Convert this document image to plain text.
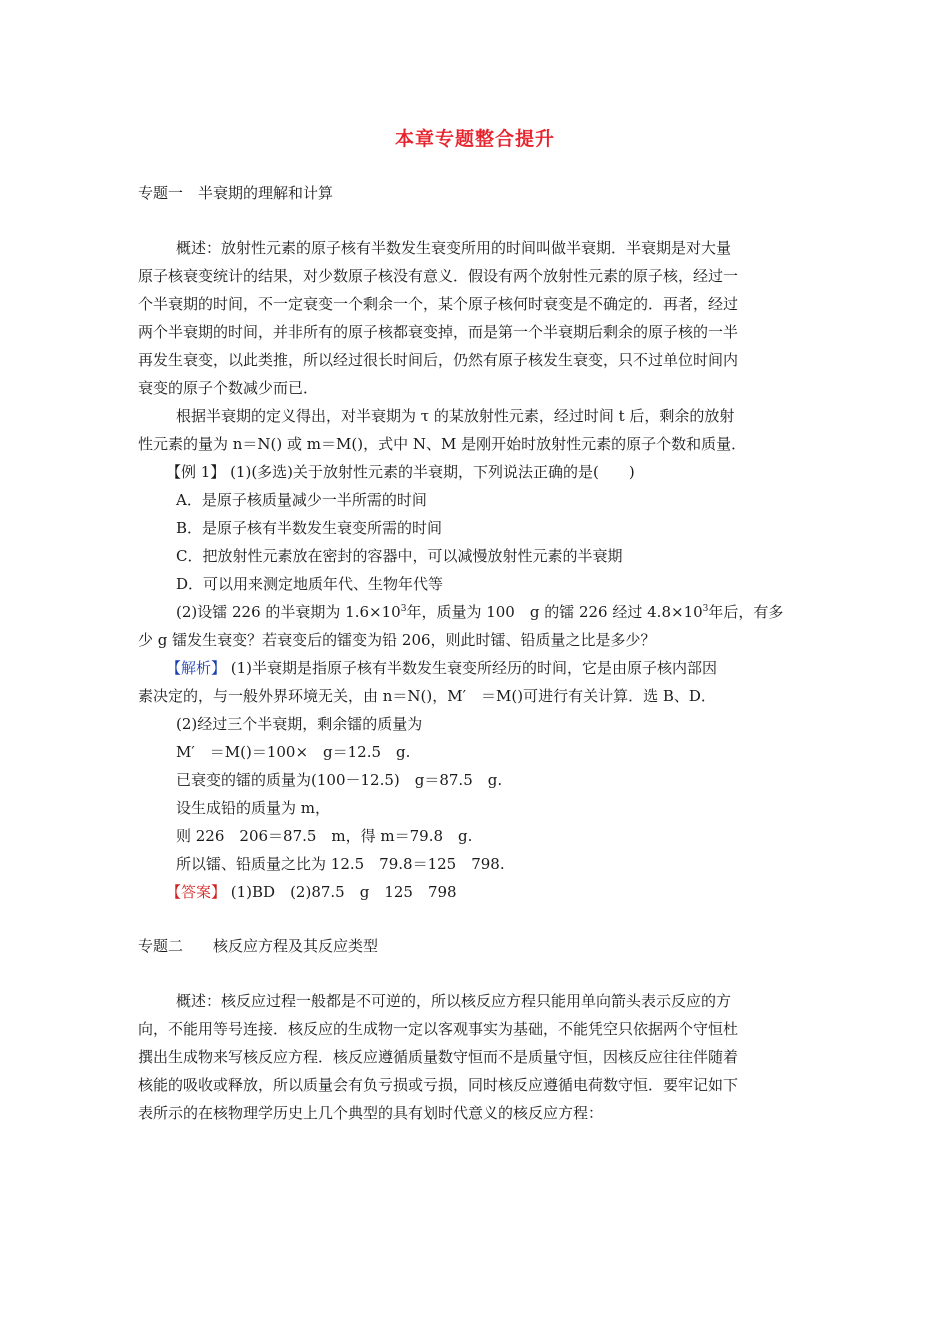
本章专题整合提升
专题一　半衰期的理解和计算
概述：放射性元素的原子核有半数发生衰变所用的时间叫做半衰期．半衰期是对大量
原子核衰变统计的结果，对少数原子核没有意义．假设有两个放射性元素的原子核，经过一
个半衰期的时间，不一定衰变一个剩余一个，某个原子核何时衰变是不确定的．再者，经过
两个半衰期的时间，并非所有的原子核都衰变掉，而是第一个半衰期后剩余的原子核的一半
再发生衰变，以此类推，所以经过很长时间后，仍然有原子核发生衰变，只不过单位时间内
衰变的原子个数减少而已．
根据半衰期的定义得出，对半衰期为 τ 的某放射性元素，经过时间 t 后，剩余的放射
性元素的量为 n＝N() 或 m＝M()，式中 N、M 是刚开始时放射性元素的原子个数和质量．
【例 1】 (1)(多选)关于放射性元素的半衰期，下列说法正确的是(　　)
A．是原子核质量减少一半所需的时间
B．是原子核有半数发生衰变所需的时间
C．把放射性元素放在密封的容器中，可以减慢放射性元素的半衰期
D．可以用来测定地质年代、生物年代等
(2)设镭 226 的半衰期为 $1.6\times 10^3$年，质量为 100　g 的镭 226 经过 $4.8\times 10^3$年后，有多
少 g 镭发生衰变？若衰变后的镭变为铅 206，则此时镭、铅质量之比是多少？
【解析】 (1)半衰期是指原子核有半数发生衰变所经历的时间，它是由原子核内部因
素决定的，与一般外界环境无关，由 n＝N()，M′　＝M()可进行有关计算．选 B、D．
(2)经过三个半衰期，剩余镭的质量为
M′　＝M()＝100×　g＝12.5　g.
已衰变的镭的质量为(100－12.5)　g＝87.5　g.
设生成铅的质量为 m，
则 226　206＝87.5　m，得 m＝79.8　g.
所以镭、铅质量之比为 12.5　79.8＝125　798.
【答案】 (1)BD　(2)87.5　g　125　798
专题二　　核反应方程及其反应类型
概述：核反应过程一般都是不可逆的，所以核反应方程只能用单向箭头表示反应的方
向，不能用等号连接．核反应的生成物一定以客观事实为基础，不能凭空只依据两个守恒杜
撰出生成物来写核反应方程．核反应遵循质量数守恒而不是质量守恒，因核反应往往伴随着
核能的吸收或释放，所以质量会有负亏损或亏损，同时核反应遵循电荷数守恒．要牢记如下
表所示的在核物理学历史上几个典型的具有划时代意义的核反应方程：
